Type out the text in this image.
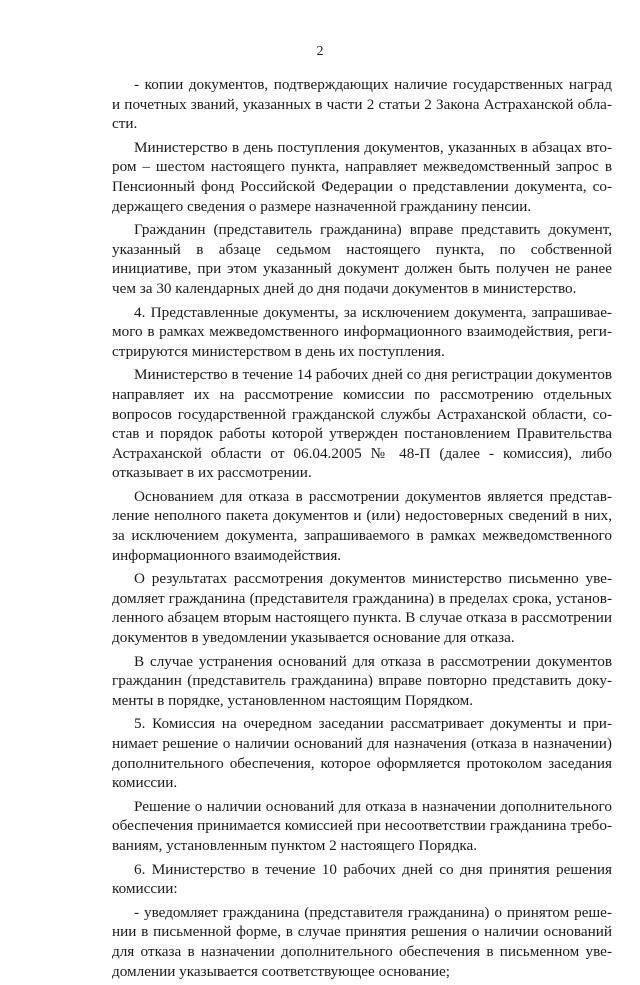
2

- копии документов, подтверждающих наличие государственных наград и почетных званий, указанных в части 2 статьи 2 Закона Астраханской области.

Министерство в день поступления документов, указанных в абзацах втором – шестом настоящего пункта, направляет межведомственный запрос в Пенсионный фонд Российской Федерации о представлении документа, содержащего сведения о размере назначенной гражданину пенсии.

Гражданин (представитель гражданина) вправе представить документ, указанный в абзаце седьмом настоящего пункта, по собственной инициативе, при этом указанный документ должен быть получен не ранее чем за 30 календарных дней до дня подачи документов в министерство.

4. Представленные документы, за исключением документа, запрашиваемого в рамках межведомственного информационного взаимодействия, регистрируются министерством в день их поступления.

Министерство в течение 14 рабочих дней со дня регистрации документов направляет их на рассмотрение комиссии по рассмотрению отдельных вопросов государственной гражданской службы Астраханской области, состав и порядок работы которой утвержден постановлением Правительства Астраханской области от 06.04.2005 № 48-П (далее - комиссия), либо отказывает в их рассмотрении.

Основанием для отказа в рассмотрении документов является представление неполного пакета документов и (или) недостоверных сведений в них, за исключением документа, запрашиваемого в рамках межведомственного информационного взаимодействия.

О результатах рассмотрения документов министерство письменно уведомляет гражданина (представителя гражданина) в пределах срока, установленного абзацем вторым настоящего пункта. В случае отказа в рассмотрении документов в уведомлении указывается основание для отказа.

В случае устранения оснований для отказа в рассмотрении документов гражданин (представитель гражданина) вправе повторно представить документы в порядке, установленном настоящим Порядком.

5. Комиссия на очередном заседании рассматривает документы и принимает решение о наличии оснований для назначения (отказа в назначении) дополнительного обеспечения, которое оформляется протоколом заседания комиссии.

Решение о наличии оснований для отказа в назначении дополнительного обеспечения принимается комиссией при несоответствии гражданина требованиям, установленным пунктом 2 настоящего Порядка.

6. Министерство в течение 10 рабочих дней со дня принятия решения комиссии:

- уведомляет гражданина (представителя гражданина) о принятом решении в письменной форме, в случае принятия решения о наличии оснований для отказа в назначении дополнительного обеспечения в письменном уведомлении указывается соответствующее основание;
